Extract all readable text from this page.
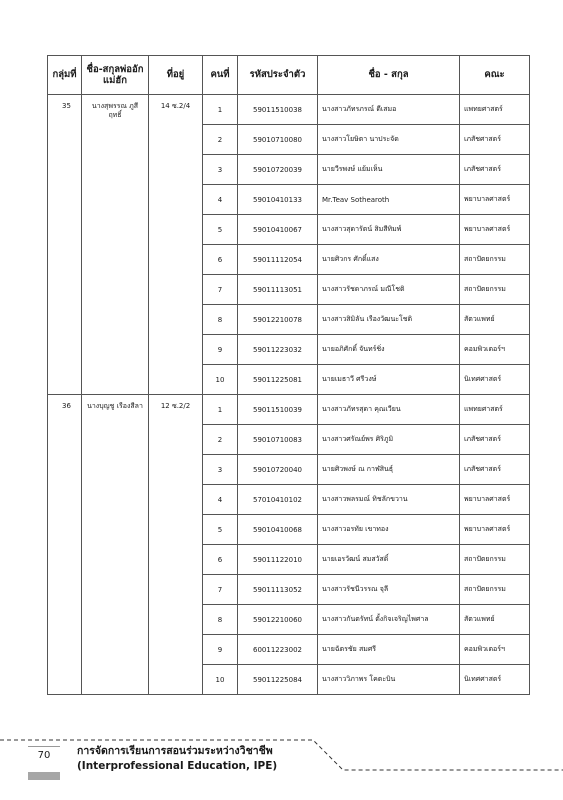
กลุ่มที่	ชื่อ-สกุลพ่ออักแม่ฮัก	ที่อยู่	คนที่	รหัสประจำตัว	ชื่อ - สกุล	คณะ
35	นางสุพรรณ ภูสีฤทธิ์	14 ซ.2/4	1	59011510038	นางสาวภัทรภรณ์ ดีเสมอ	แพทยศาสตร์
			2	59010710080	นางสาวโยษิตา นาประจัด	เภสัชศาสตร์
			3	59010720039	นายวีรพงษ์ แย้มเห็น	เภสัชศาสตร์
			4	59010410133	Mr.Teav Sothearoth	พยาบาลศาสตร์
			5	59010410067	นางสาวสุดารัตน์ สิมสีทิมพ์	พยาบาลศาสตร์
			6	59011112054	นายศิวกร ศักดิ์แสง	สถาปัตยกรรม
			7	59011113051	นางสาวรัชดาภรณ์ มณีโชติ	สถาปัตยกรรม
			8	59012210078	นางสาวสิมิลัน เรืองวัฒนะโชติ	สัตวแพทย์
			9	59011223032	นายอภิศักดิ์ จันทร์ชิ่ง	คอมพิวเตอร์ฯ
			10	59011225081	นายเมธาวี ศรีวงษ์	นิเทศศาสตร์
36	นางบุญชู เรืองสีลา	12 ซ.2/2	1	59011510039	นางสาวภัทรสุดา คุณเวียน	แพทยศาสตร์
			2	59010710083	นางสาวศรัณย์พร ศิริภูมิ	เภสัชศาสตร์
			3	59010720040	นายศิวพงษ์ ณ กาฬสินธุ์	เภสัชศาสตร์
			4	57010410102	นางสาวพลรมณ์ ทิชลักขวาน	พยาบาลศาสตร์
			5	59010410068	นางสาวอรทัย เขาทอง	พยาบาลศาสตร์
			6	59011122010	นายเอรวัฒน์ สมสวัสดิ์	สถาปัตยกรรม
			7	59011113052	นางสาวรัชนีวรรณ จุลี	สถาปัตยกรรม
			8	59012210060	นางสาวกันตรัทน์ ตั้งกิจเจริญไพศาล	สัตวแพทย์
			9	60011223002	นายฉัตรชัย สมศรี	คอมพิวเตอร์ฯ
			10	59011225084	นางสาววิภาพร โคตะบิน	นิเทศศาสตร์
70	การจัดการเรียนการสอนร่วมระหว่างวิชาชีพ
(Interprofessional Education, IPE)
